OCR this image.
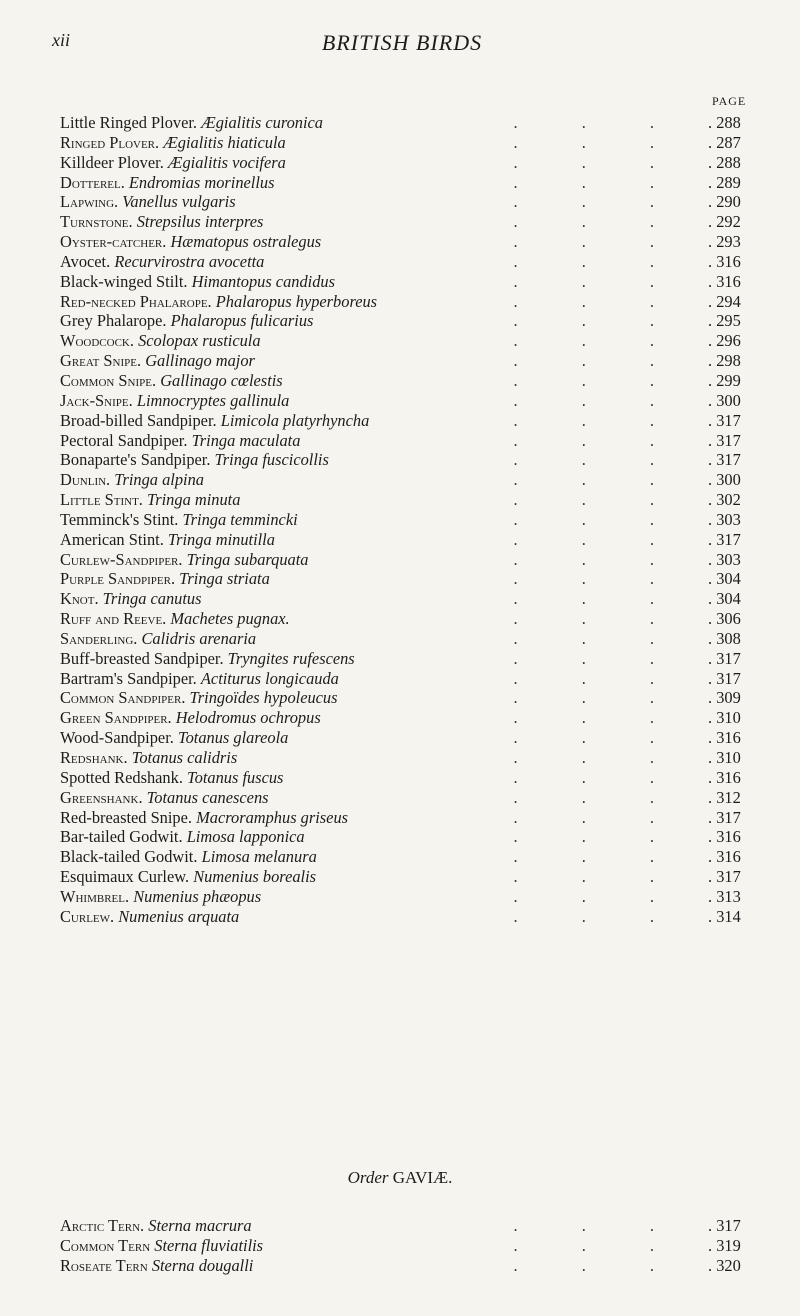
xii	BRITISH BIRDS
PAGE
Little Ringed Plover. Ægialitis curonica	. . .	. 288
Ringed Plover. Ægialitis hiaticula	. . .	. 287
Killdeer Plover. Ægialitis vocifera	. . .	. 288
Dotterel. Endromias morinellus	. . .	. 289
Lapwing. Vanellus vulgaris	. . .	. 290
Turnstone. Strepsilus interpres	. . .	. 292
Oyster-catcher. Hæmatopus ostralegus	. . .	. 293
Avocet. Recurvirostra avocetta	. . .	. 316
Black-winged Stilt. Himantopus candidus	. . .	. 316
Red-necked Phalarope. Phalaropus hyperboreus	. . .	. 294
Grey Phalarope. Phalaropus fulicarius	. . .	. 295
Woodcock. Scolopax rusticula	. . .	. 296
Great Snipe. Gallinago major	. . .	. 298
Common Snipe. Gallinago cœlestis	. . .	. 299
Jack-Snipe. Limnocryptes gallinula	. . .	. 300
Broad-billed Sandpiper. Limicola platyrhyncha	. . .	. 317
Pectoral Sandpiper. Tringa maculata	. . .	. 317
Bonaparte's Sandpiper. Tringa fuscicollis	. . .	. 317
Dunlin. Tringa alpina	. . .	. 300
Little Stint. Tringa minuta	. . .	. 302
Temminck's Stint. Tringa temmincki	. . .	. 303
American Stint. Tringa minutilla	. . .	. 317
Curlew-Sandpiper. Tringa subarquata	. . .	. 303
Purple Sandpiper. Tringa striata	. . .	. 304
Knot. Tringa canutus	. . .	. 304
Ruff and Reeve. Machetes pugnax.	. . .	. 306
Sanderling. Calidris arenaria	. . .	. 308
Buff-breasted Sandpiper. Tryngites rufescens	. . .	. 317
Bartram's Sandpiper. Actiturus longicauda	. . .	. 317
Common Sandpiper. Tringoïdes hypoleucus	. . .	. 309
Green Sandpiper. Helodromus ochropus	. . .	. 310
Wood-Sandpiper. Totanus glareola	. . .	. 316
Redshank. Totanus calidris	. . .	. 310
Spotted Redshank. Totanus fuscus	. . .	. 316
Greenshank. Totanus canescens	. . .	. 312
Red-breasted Snipe. Macroramphus griseus	. . .	. 317
Bar-tailed Godwit. Limosa lapponica	. . .	. 316
Black-tailed Godwit. Limosa melanura	. . .	. 316
Esquimaux Curlew. Numenius borealis	. . .	. 317
Whimbrel. Numenius phæopus	. . .	. 313
Curlew. Numenius arquata	. . .	. 314
Order GAVIÆ.
Arctic Tern. Sterna macrura	. . .	. 317
Common Tern Sterna fluviatilis	. . .	. 319
Roseate Tern Sterna dougalli	. . .	. 320
